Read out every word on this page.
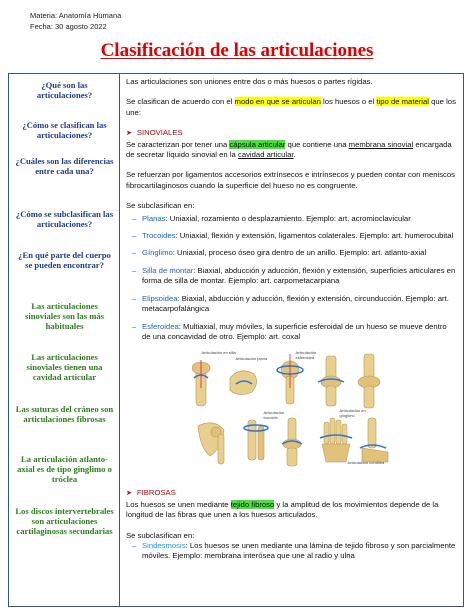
Materia: Anatomía Humana
Fecha: 30 agosto 2022
Clasificación de las articulaciones
¿Qué son las articulaciones?
¿Cómo se clasifican las articulaciones?
¿Cuáles son las diferencias entre cada una?
¿Cómo se subclasifican las articulaciones?
¿En qué parte del cuerpo se pueden encontrar?
Las articulaciones sinoviales son las más habituales
Las articulaciones sinoviales tienen una cavidad articular
Las suturas del cráneo son articulaciones fibrosas
La articulación atlanto-axial es de tipo ginglimo o tróclea
Los discos intervertebrales son articulaciones cartilaginosas secundarias

Las articulaciones son uniones entre dos o más huesos o partes rígidas.

Se clasifican de acuerdo con el modo en que se articulan los huesos o el tipo de material que los une:

➤ SINOVIALES

Se caracterizan por tener una cápsula articular que contiene una membrana sinovial encargada de secretar líquido sinovial en la cavidad articular.

Se refuerzan por ligamentos accesorios extrínsecos e intrínsecos y pueden contar con meniscos fibrocartilaginosos cuando la superficie del hueso no es congruente.

Se subclasifican en:

– Planas: Uniaxial, rozamiento o desplazamiento. Ejemplo: art. acromioclavicular
– Trocoides: Uniaxial, flexión y extensión, ligamentos colaterales. Ejemplo: art. humerocubital
– Gínglimo: Uniaxial, proceso óseo gira dentro de un anillo. Ejemplo: art. atlanto-axial
– Silla de montar: Biaxial, abducción y aducción, flexión y extensión, superficies articulares en forma de silla de montar. Ejemplo: art. carpometacarpiana
– Elipsoidea: Biaxial, abducción y aducción, flexión y extensión, circunducción. Ejemplo: art. metacarpofalángica
– Esferoidea: Multiaxial, muy móviles, la superficie esferoidal de un hueso se mueve dentro de una concavidad de otro. Ejemplo: art. coxal
Articulación en silla
Articulación plana
Articulación esferoidea
Articulación en gínglimo
Articulación trocoide
Articulación condílea

➤ FIBROSAS

Los huesos se unen mediante tejido fibroso y la amplitud de los movimientos depende de la longitud de las fibras que unen a los huesos articulados.

Se subclasifican en:

– Sindesmosis: Los huesos se unen mediante una lámina de tejido fibroso y son parcialmente móviles. Ejemplo: membrana interósea que une al radio y ulna
